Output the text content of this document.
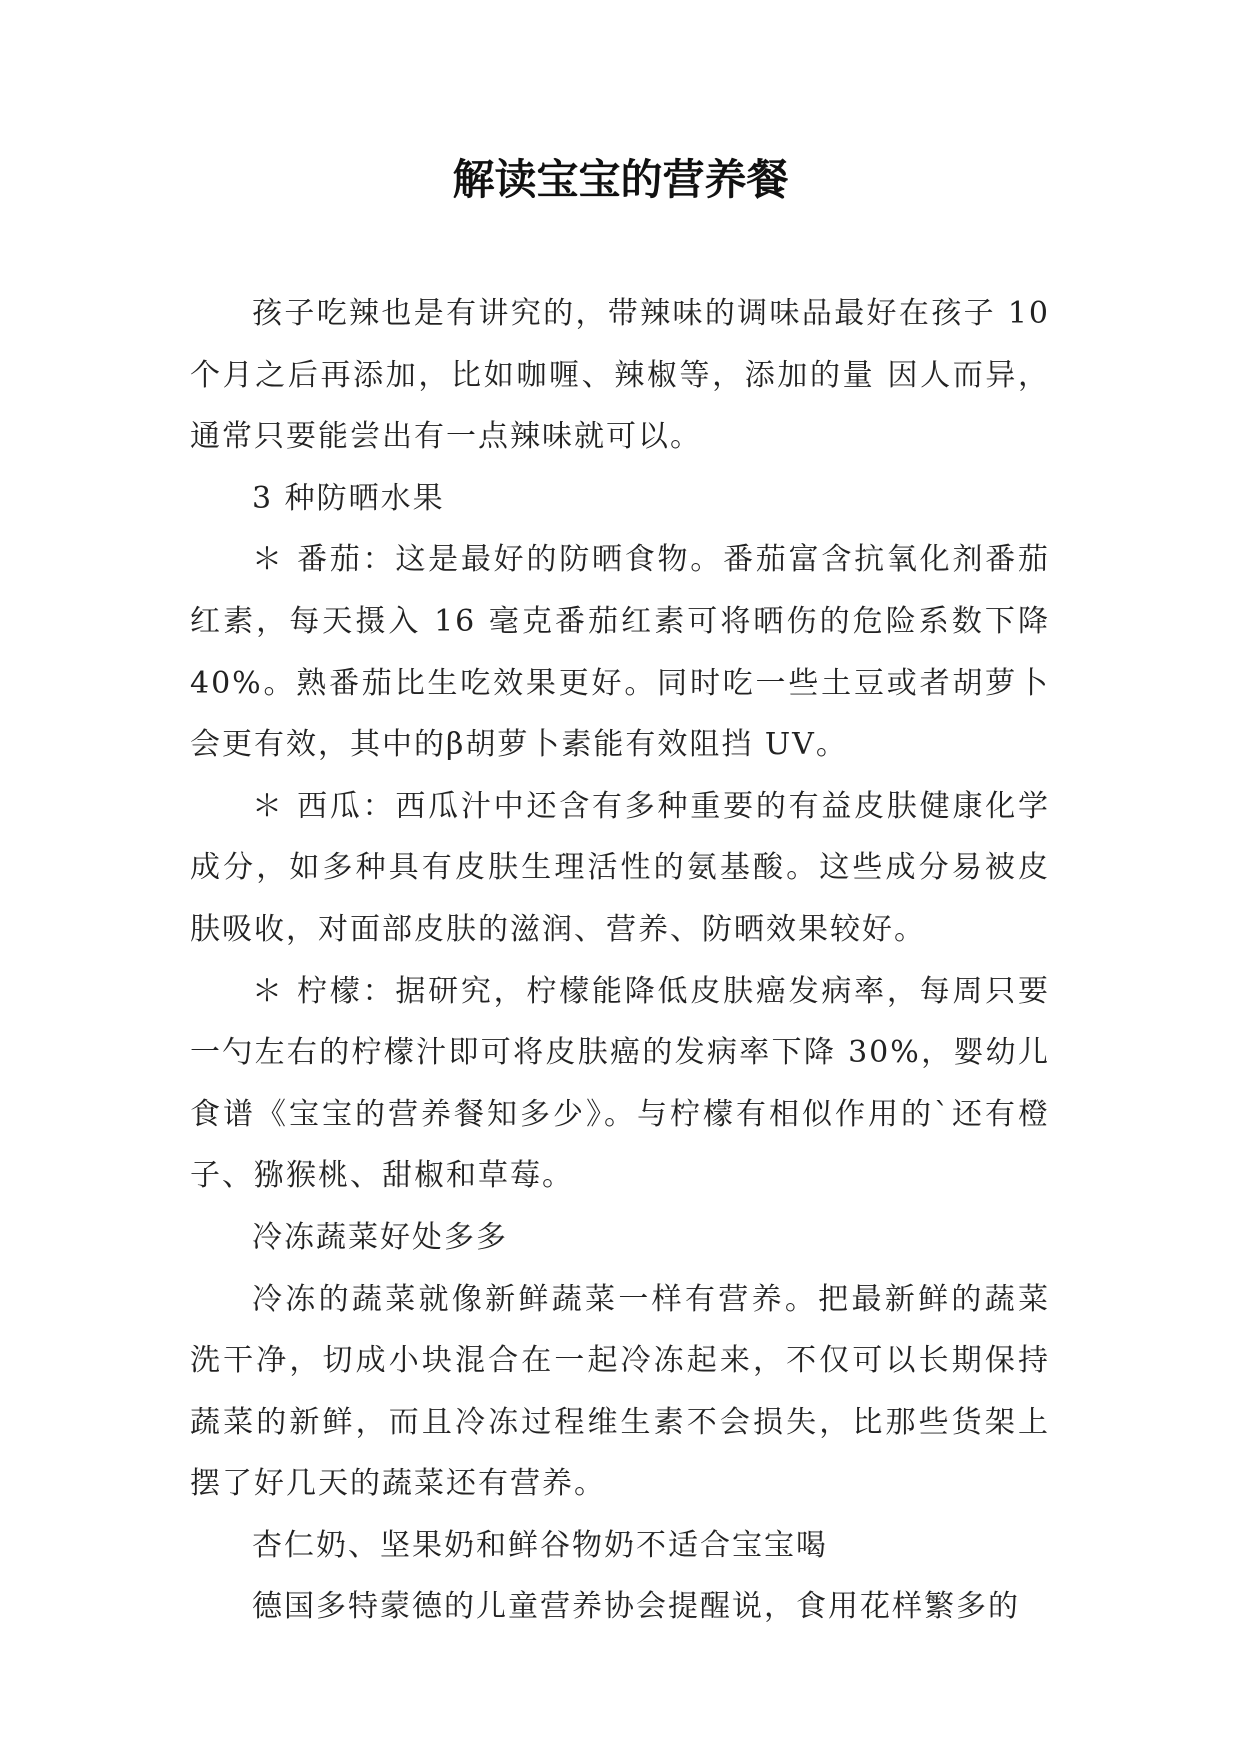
解读宝宝的营养餐

孩子吃辣也是有讲究的，带辣味的调味品最好在孩子 10 个月之后再添加，比如咖喱、辣椒等，添加的量 因人而异，通常只要能尝出有一点辣味就可以。

3 种防晒水果

＊ 番茄：这是最好的防晒食物。番茄富含抗氧化剂番茄红素，每天摄入 16 毫克番茄红素可将晒伤的危险系数下降 40%。熟番茄比生吃效果更好。同时吃一些土豆或者胡萝卜会更有效，其中的β胡萝卜素能有效阻挡 UV。

＊ 西瓜：西瓜汁中还含有多种重要的有益皮肤健康化学成分，如多种具有皮肤生理活性的氨基酸。这些成分易被皮肤吸收，对面部皮肤的滋润、营养、防晒效果较好。

＊ 柠檬：据研究，柠檬能降低皮肤癌发病率，每周只要一勺左右的柠檬汁即可将皮肤癌的发病率下降 30%，婴幼儿食谱《宝宝的营养餐知多少》。与柠檬有相似作用的`还有橙子、猕猴桃、甜椒和草莓。

冷冻蔬菜好处多多

冷冻的蔬菜就像新鲜蔬菜一样有营养。把最新鲜的蔬菜洗干净，切成小块混合在一起冷冻起来，不仅可以长期保持蔬菜的新鲜，而且冷冻过程维生素不会损失，比那些货架上摆了好几天的蔬菜还有营养。

杏仁奶、坚果奶和鲜谷物奶不适合宝宝喝

德国多特蒙德的儿童营养协会提醒说，食用花样繁多的
